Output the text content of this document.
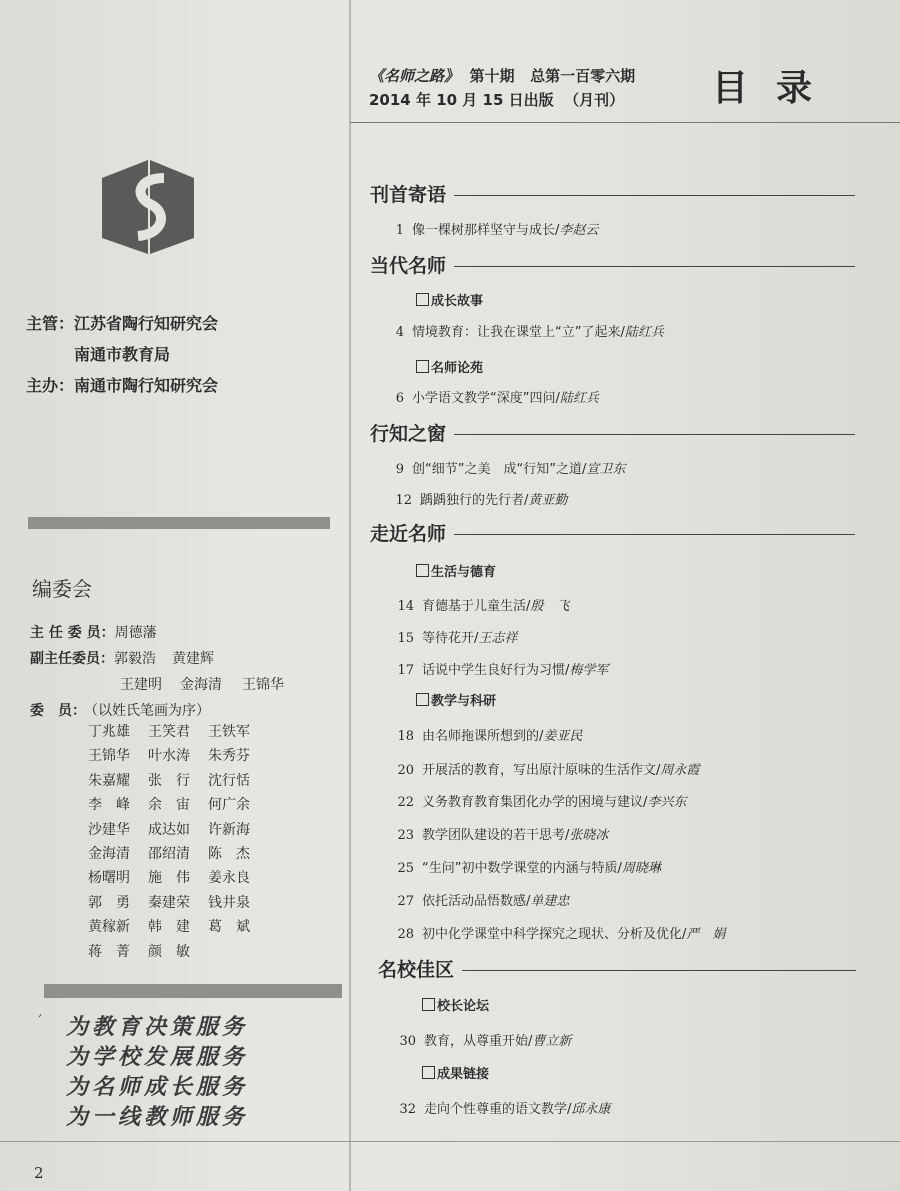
主管：江苏省陶行知研究会
南通市教育局
主办：南通市陶行知研究会
编委会
主 任 委 员：周德藩
副主任委员：郭毅浩 黄建辉
王建明 金海清 王锦华
委　员：（以姓氏笔画为序）
丁兆雄 王笑君 王铁军
王锦华 叶水涛 朱秀芬
朱嘉耀 张　行 沈行恬
李　峰 余　宙 何广余
沙建华 成达如 许新海
金海清 邵绍清 陈　杰
杨曙明 施　伟 姜永良
郭　勇 秦建荣 钱井泉
黄稼新 韩　建 葛　斌
蒋　菁 颜　敏
ˊ 为教育决策服务
为学校发展服务
为名师成长服务
为一线教师服务
2
《名师之路》 第十期 总第一百零六期
2014 年 10 月 15 日出版 （月刊）	目录
刊首寄语
当代名师
行知之窗
走近名师
名校佳区
成长故事
名师论苑
生活与德育
教学与科研
校长论坛
成果链接
1 像一棵树那样坚守与成长/李赵云
4 情境教育：让我在课堂上“立”了起来/陆红兵
6 小学语文教学“深度”四问/陆红兵
9 创“细节”之美　成“行知”之道/宣卫东
12 踽踽独行的先行者/黄亚勤
14 育德基于儿童生活/殷　飞
15 等待花开/王志祥
17 话说中学生良好行为习惯/梅学军
18 由名师拖课所想到的/姜亚民
20 开展活的教育，写出原汁原味的生活作文/周永霞
22 义务教育教育集团化办学的困境与建议/李兴东
23 教学团队建设的若干思考/张晓冰
25 “生问”初中数学课堂的内涵与特质/周晓琳
27 依托活动品悟数感/单建忠
28 初中化学课堂中科学探究之现状、分析及优化/严　娟
30 教育，从尊重开始/曹立新
32 走向个性尊重的语文教学/邱永康
